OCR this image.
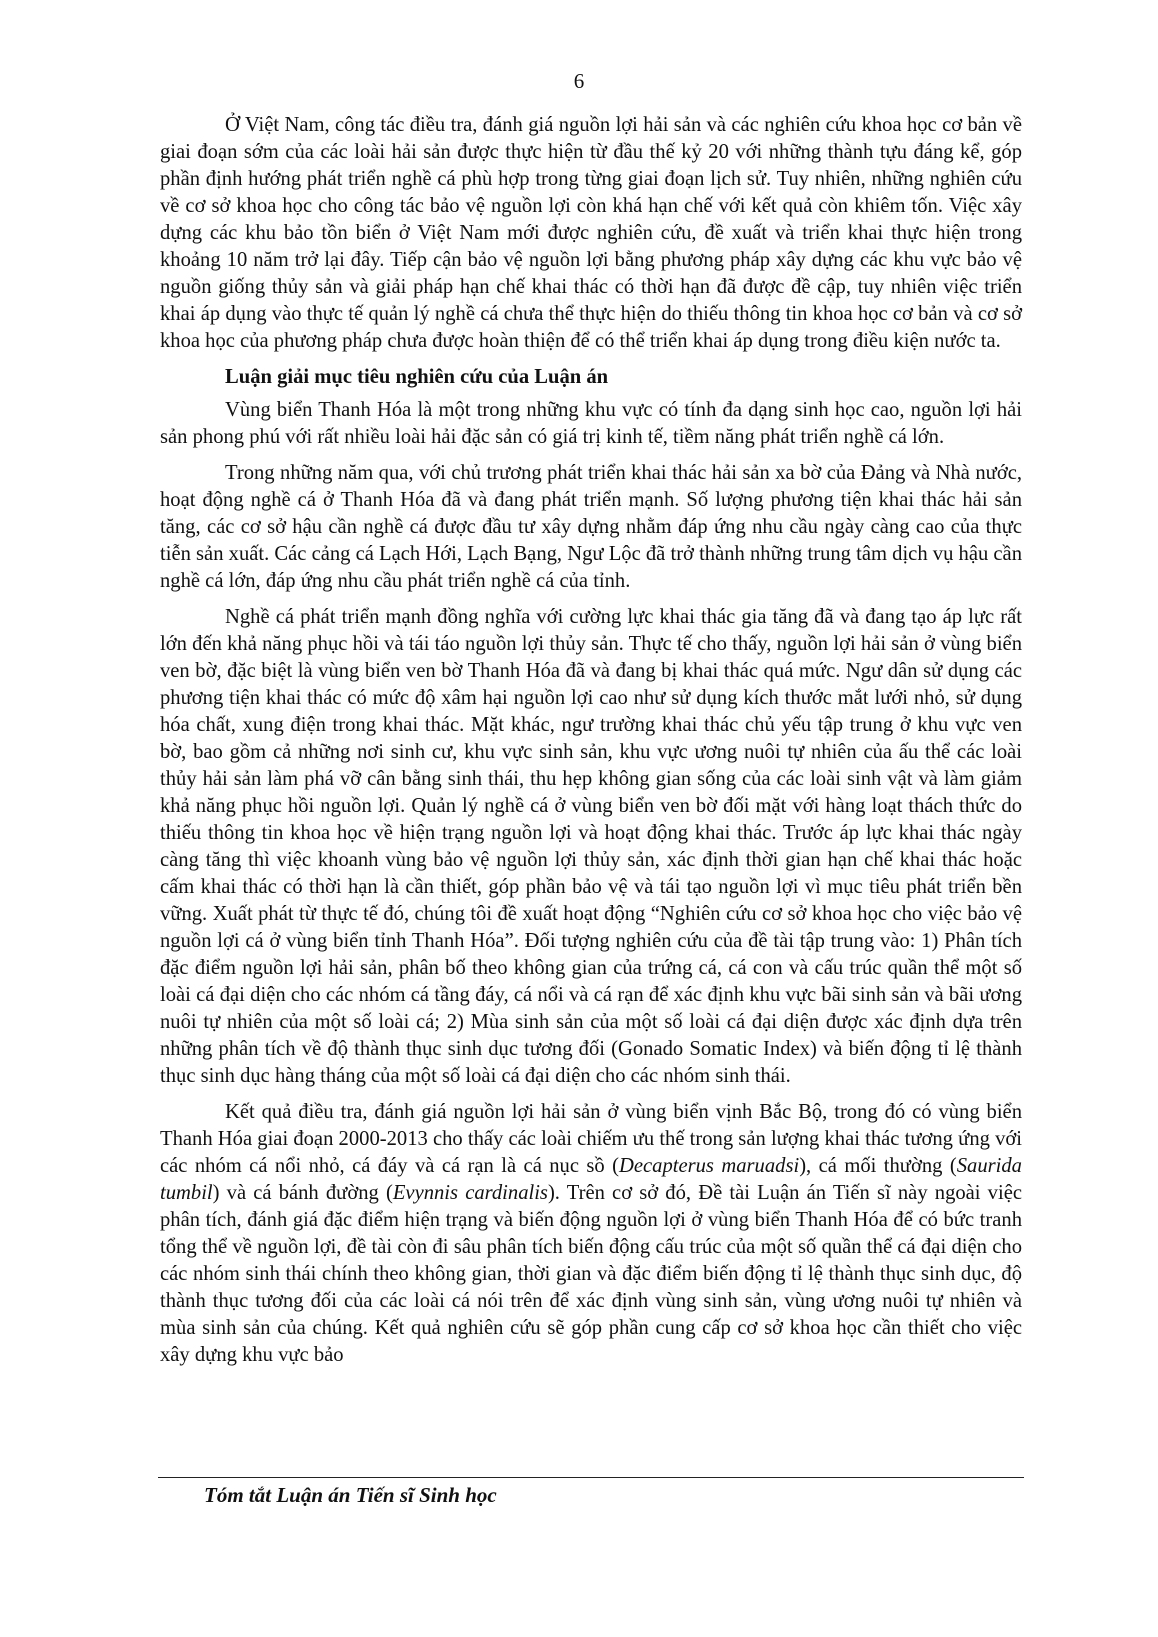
6

Ở Việt Nam, công tác điều tra, đánh giá nguồn lợi hải sản và các nghiên cứu khoa học cơ bản về giai đoạn sớm của các loài hải sản được thực hiện từ đầu thế kỷ 20 với những thành tựu đáng kể, góp phần định hướng phát triển nghề cá phù hợp trong từng giai đoạn lịch sử. Tuy nhiên, những nghiên cứu về cơ sở khoa học cho công tác bảo vệ nguồn lợi còn khá hạn chế với kết quả còn khiêm tốn. Việc xây dựng các khu bảo tồn biển ở Việt Nam mới được nghiên cứu, đề xuất và triển khai thực hiện trong khoảng 10 năm trở lại đây. Tiếp cận bảo vệ nguồn lợi bằng phương pháp xây dựng các khu vực bảo vệ nguồn giống thủy sản và giải pháp hạn chế khai thác có thời hạn đã được đề cập, tuy nhiên việc triển khai áp dụng vào thực tế quản lý nghề cá chưa thể thực hiện do thiếu thông tin khoa học cơ bản và cơ sở khoa học của phương pháp chưa được hoàn thiện để có thể triển khai áp dụng trong điều kiện nước ta.

Luận giải mục tiêu nghiên cứu của Luận án

Vùng biển Thanh Hóa là một trong những khu vực có tính đa dạng sinh học cao, nguồn lợi hải sản phong phú với rất nhiều loài hải đặc sản có giá trị kinh tế, tiềm năng phát triển nghề cá lớn.

Trong những năm qua, với chủ trương phát triển khai thác hải sản xa bờ của Đảng và Nhà nước, hoạt động nghề cá ở Thanh Hóa đã và đang phát triển mạnh. Số lượng phương tiện khai thác hải sản tăng, các cơ sở hậu cần nghề cá được đầu tư xây dựng nhằm đáp ứng nhu cầu ngày càng cao của thực tiễn sản xuất. Các cảng cá Lạch Hới, Lạch Bạng, Ngư Lộc đã trở thành những trung tâm dịch vụ hậu cần nghề cá lớn, đáp ứng nhu cầu phát triển nghề cá của tỉnh.

Nghề cá phát triển mạnh đồng nghĩa với cường lực khai thác gia tăng đã và đang tạo áp lực rất lớn đến khả năng phục hồi và tái táo nguồn lợi thủy sản. Thực tế cho thấy, nguồn lợi hải sản ở vùng biển ven bờ, đặc biệt là vùng biển ven bờ Thanh Hóa đã và đang bị khai thác quá mức. Ngư dân sử dụng các phương tiện khai thác có mức độ xâm hại nguồn lợi cao như sử dụng kích thước mắt lưới nhỏ, sử dụng hóa chất, xung điện trong khai thác. Mặt khác, ngư trường khai thác chủ yếu tập trung ở khu vực ven bờ, bao gồm cả những nơi sinh cư, khu vực sinh sản, khu vực ương nuôi tự nhiên của ấu thể các loài thủy hải sản làm phá vỡ cân bằng sinh thái, thu hẹp không gian sống của các loài sinh vật và làm giảm khả năng phục hồi nguồn lợi. Quản lý nghề cá ở vùng biển ven bờ đối mặt với hàng loạt thách thức do thiếu thông tin khoa học về hiện trạng nguồn lợi và hoạt động khai thác. Trước áp lực khai thác ngày càng tăng thì việc khoanh vùng bảo vệ nguồn lợi thủy sản, xác định thời gian hạn chế khai thác hoặc cấm khai thác có thời hạn là cần thiết, góp phần bảo vệ và tái tạo nguồn lợi vì mục tiêu phát triển bền vững. Xuất phát từ thực tế đó, chúng tôi đề xuất hoạt động “Nghiên cứu cơ sở khoa học cho việc bảo vệ nguồn lợi cá ở vùng biển tỉnh Thanh Hóa”. Đối tượng nghiên cứu của đề tài tập trung vào: 1) Phân tích đặc điểm nguồn lợi hải sản, phân bố theo không gian của trứng cá, cá con và cấu trúc quần thể một số loài cá đại diện cho các nhóm cá tầng đáy, cá nổi và cá rạn để xác định khu vực bãi sinh sản và bãi ương nuôi tự nhiên của một số loài cá; 2) Mùa sinh sản của một số loài cá đại diện được xác định dựa trên những phân tích về độ thành thục sinh dục tương đối (Gonado Somatic Index) và biến động tỉ lệ thành thục sinh dục hàng tháng của một số loài cá đại diện cho các nhóm sinh thái.

Kết quả điều tra, đánh giá nguồn lợi hải sản ở vùng biển vịnh Bắc Bộ, trong đó có vùng biển Thanh Hóa giai đoạn 2000-2013 cho thấy các loài chiếm ưu thế trong sản lượng khai thác tương ứng với các nhóm cá nổi nhỏ, cá đáy và cá rạn là cá nục sồ (Decapterus maruadsi), cá mối thường (Saurida tumbil) và cá bánh đường (Evynnis cardinalis). Trên cơ sở đó, Đề tài Luận án Tiến sĩ này ngoài việc phân tích, đánh giá đặc điểm hiện trạng và biến động nguồn lợi ở vùng biển Thanh Hóa để có bức tranh tổng thể về nguồn lợi, đề tài còn đi sâu phân tích biến động cấu trúc của một số quần thể cá đại diện cho các nhóm sinh thái chính theo không gian, thời gian và đặc điểm biến động tỉ lệ thành thục sinh dục, độ thành thục tương đối của các loài cá nói trên để xác định vùng sinh sản, vùng ương nuôi tự nhiên và mùa sinh sản của chúng. Kết quả nghiên cứu sẽ góp phần cung cấp cơ sở khoa học cần thiết cho việc xây dựng khu vực bảo

Tóm tắt Luận án Tiến sĩ Sinh học
